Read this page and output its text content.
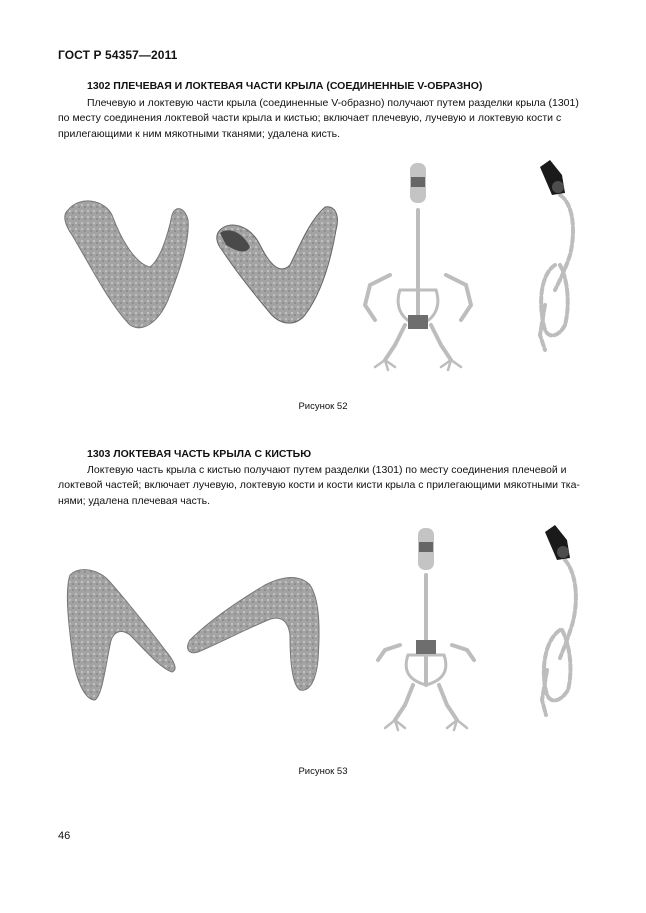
ГОСТ Р 54357—2011
1302 ПЛЕЧЕВАЯ И ЛОКТЕВАЯ ЧАСТИ КРЫЛА (СОЕДИНЕННЫЕ V-ОБРАЗНО)
Плечевую и локтевую части крыла (соединенные V-образно) получают путем разделки крыла (1301)
по месту соединения локтевой части крыла и кистью; включает плечевую, лучевую и локтевую кости с
прилегающими к ним мякотными тканями; удалена кисть.
Рисунок 52
1303 ЛОКТЕВАЯ ЧАСТЬ КРЫЛА С КИСТЬЮ
Локтевую часть крыла с кистью получают путем разделки (1301) по месту соединения плечевой и
локтевой частей; включает лучевую, локтевую кости и кости кисти крыла с прилегающими мякотными тка-
нями; удалена плечевая часть.
Рисунок 53
46
